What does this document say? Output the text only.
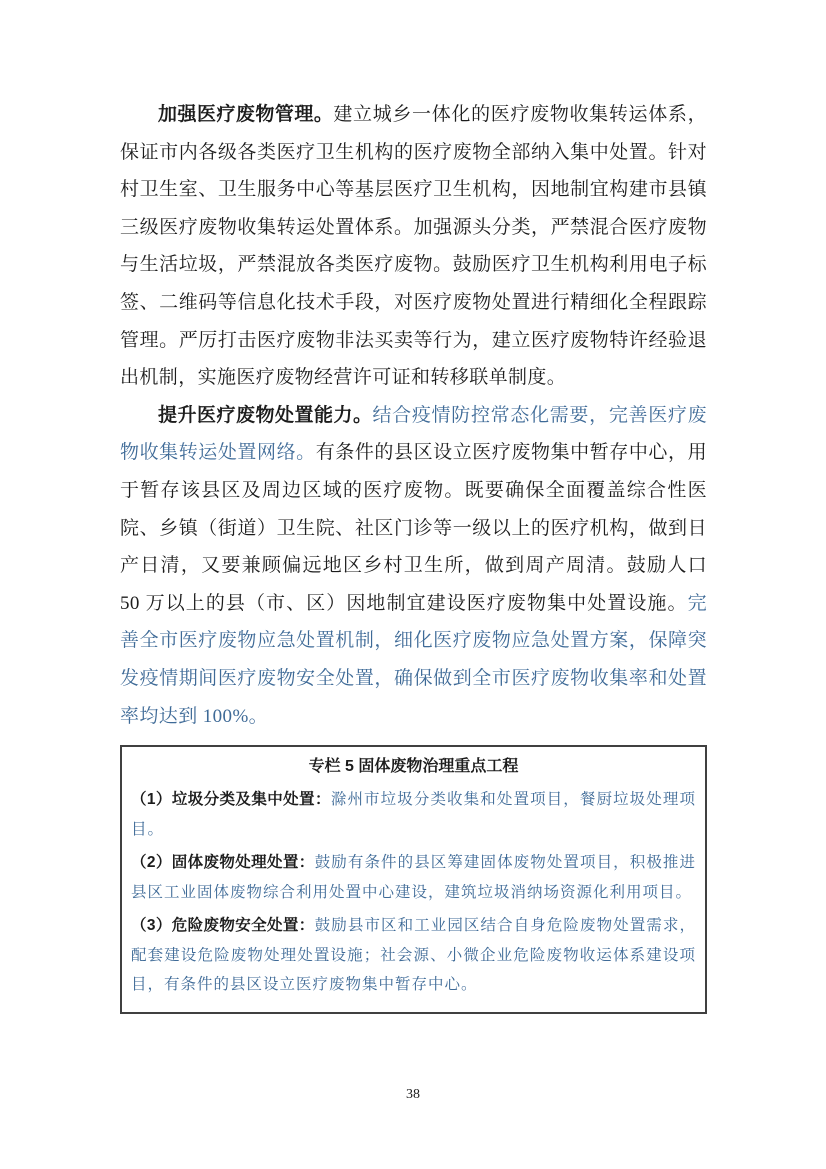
加强医疗废物管理。建立城乡一体化的医疗废物收集转运体系，保证市内各级各类医疗卫生机构的医疗废物全部纳入集中处置。针对村卫生室、卫生服务中心等基层医疗卫生机构，因地制宜构建市县镇三级医疗废物收集转运处置体系。加强源头分类，严禁混合医疗废物与生活垃圾，严禁混放各类医疗废物。鼓励医疗卫生机构利用电子标签、二维码等信息化技术手段，对医疗废物处置进行精细化全程跟踪管理。严厉打击医疗废物非法买卖等行为，建立医疗废物特许经验退出机制，实施医疗废物经营许可证和转移联单制度。

提升医疗废物处置能力。结合疫情防控常态化需要，完善医疗废物收集转运处置网络。有条件的县区设立医疗废物集中暂存中心，用于暂存该县区及周边区域的医疗废物。既要确保全面覆盖综合性医院、乡镇（街道）卫生院、社区门诊等一级以上的医疗机构，做到日产日清，又要兼顾偏远地区乡村卫生所，做到周产周清。鼓励人口 50 万以上的县（市、区）因地制宜建设医疗废物集中处置设施。完善全市医疗废物应急处置机制，细化医疗废物应急处置方案，保障突发疫情期间医疗废物安全处置，确保做到全市医疗废物收集率和处置率均达到 100%。

专栏 5 固体废物治理重点工程

（1）垃圾分类及集中处置：滁州市垃圾分类收集和处置项目，餐厨垃圾处理项目。

（2）固体废物处理处置：鼓励有条件的县区筹建固体废物处置项目，积极推进县区工业固体废物综合利用处置中心建设，建筑垃圾消纳场资源化利用项目。

（3）危险废物安全处置：鼓励县市区和工业园区结合自身危险废物处置需求，配套建设危险废物处理处置设施；社会源、小微企业危险废物收运体系建设项目，有条件的县区设立医疗废物集中暂存中心。

38
